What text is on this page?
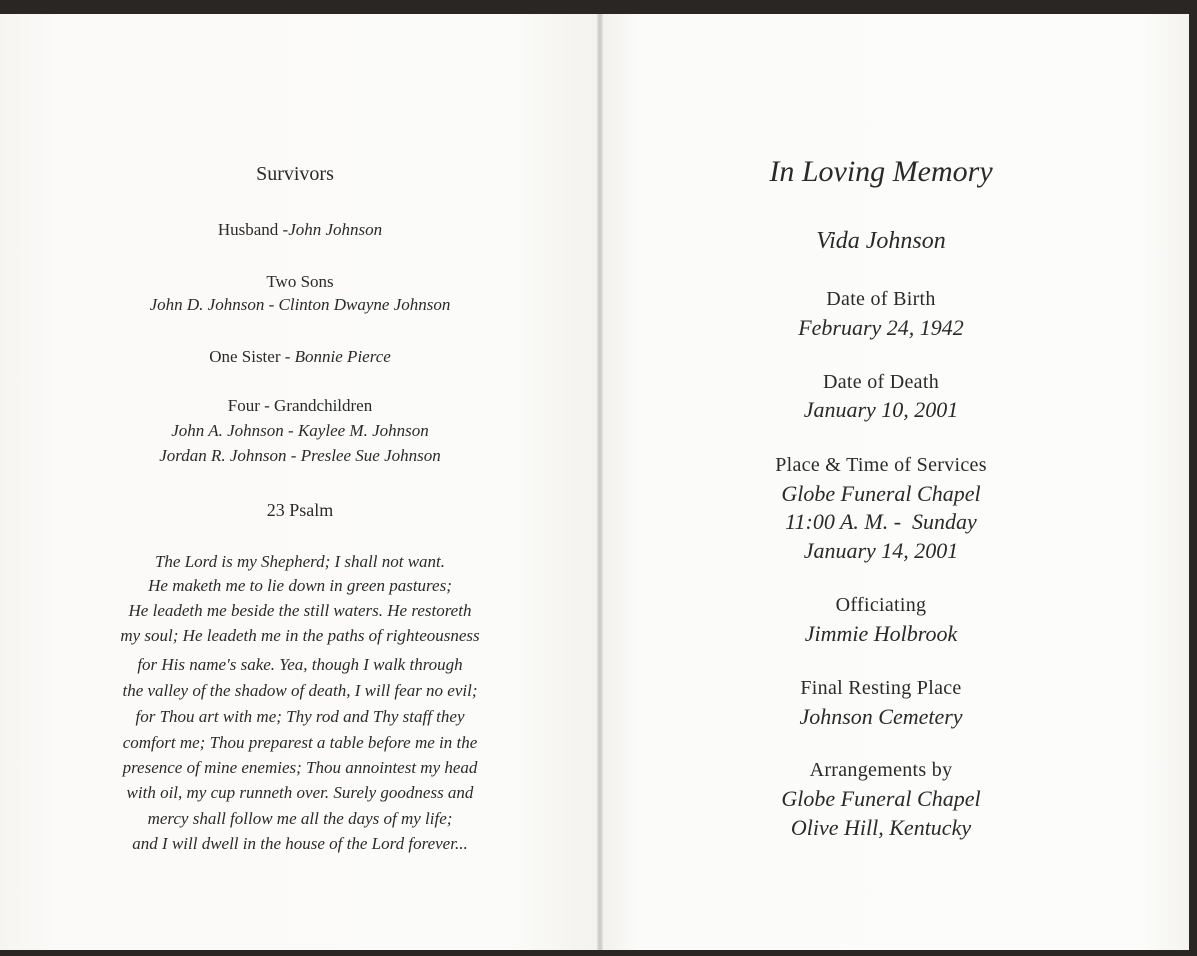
Survivors
Husband -John Johnson
Two Sons
John D. Johnson - Clinton Dwayne Johnson
One Sister - Bonnie Pierce
Four - Grandchildren
John A. Johnson - Kaylee M. Johnson
Jordan R. Johnson - Preslee Sue Johnson
23 Psalm
The Lord is my Shepherd; I shall not want.
He maketh me to lie down in green pastures;
He leadeth me beside the still waters. He restoreth
my soul; He leadeth me in the paths of righteousness
for His name's sake. Yea, though I walk through
the valley of the shadow of death, I will fear no evil;
for Thou art with me; Thy rod and Thy staff they
comfort me; Thou preparest a table before me in the
presence of mine enemies; Thou annointest my head
with oil, my cup runneth over. Surely goodness and
mercy shall follow me all the days of my life;
and I will dwell in the house of the Lord forever...
In Loving Memory
Vida Johnson
Date of Birth
February 24, 1942
Date of Death
January 10, 2001
Place & Time of Services
Globe Funeral Chapel
11:00 A. M. -  Sunday
January 14, 2001
Officiating
Jimmie Holbrook
Final Resting Place
Johnson Cemetery
Arrangements by
Globe Funeral Chapel
Olive Hill, Kentucky
